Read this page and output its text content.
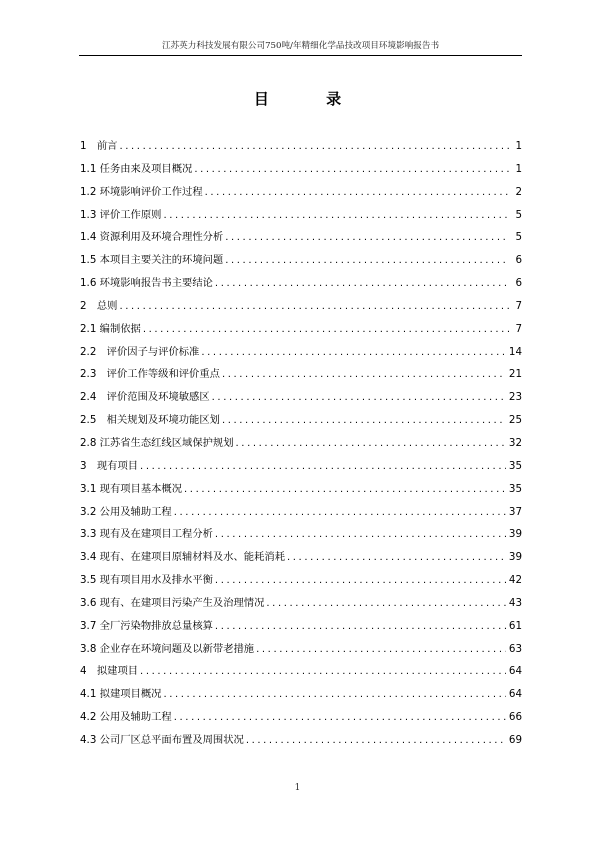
江苏英力科技发展有限公司750吨/年精细化学品技改项目环境影响报告书
目 录
1　前言 .....	1
1.1 任务由来及项目概况 .....	1
1.2 环境影响评价工作过程 .....	2
1.3 评价工作原则 .....	5
1.4 资源利用及环境合理性分析 .....	5
1.5 本项目主要关注的环境问题 .....	6
1.6 环境影响报告书主要结论 .....	6
2　总则 .....	7
2.1 编制依据 .....	7
2.2　评价因子与评价标准 .....	14
2.3　评价工作等级和评价重点 .....	21
2.4　评价范围及环境敏感区 .....	23
2.5　相关规划及环境功能区划 .....	25
2.8 江苏省生态红线区域保护规划 .....	32
3　现有项目 .....	35
3.1 现有项目基本概况 .....	35
3.2 公用及辅助工程 .....	37
3.3 现有及在建项目工程分析 .....	39
3.4 现有、在建项目原辅材料及水、能耗消耗 .....	39
3.5 现有项目用水及排水平衡 .....	42
3.6 现有、在建项目污染产生及治理情况 .....	43
3.7 全厂污染物排放总量核算 .....	61
3.8 企业存在环境问题及以新带老措施 .....	63
4　拟建项目 .....	64
4.1 拟建项目概况 .....	64
4.2 公用及辅助工程 .....	66
4.3 公司厂区总平面布置及周围状况 .....	69
1
